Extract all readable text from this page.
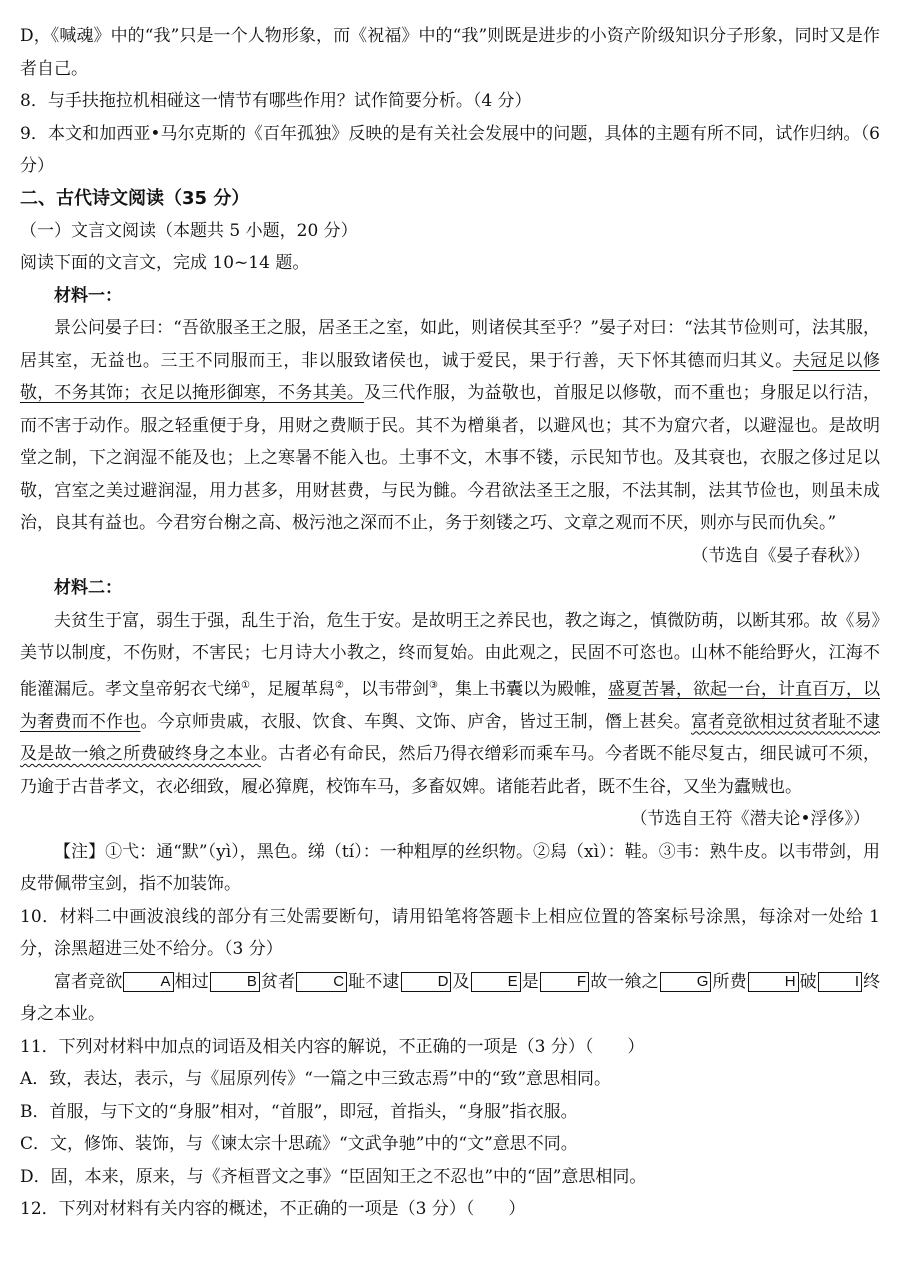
D，《喊魂》中的“我”只是一个人物形象，而《祝福》中的“我”则既是进步的小资产阶级知识分子形象，同时又是作者自己。

8．与手扶拖拉机相碰这一情节有哪些作用？试作简要分析。（4 分）

9．本文和加西亚•马尔克斯的《百年孤独》反映的是有关社会发展中的问题，具体的主题有所不同，试作归纳。（6 分）

二、古代诗文阅读（35 分）

（一）文言文阅读（本题共 5 小题，20 分）

阅读下面的文言文，完成 10~14 题。

材料一：

景公问晏子曰：“吾欲服圣王之服，居圣王之室，如此，则诸侯其至乎？”晏子对曰：“法其节俭则可，法其服，居其室，无益也。三王不同服而王，非以服致诸侯也，诚于爱民，果于行善，天下怀其德而归其义。夫冠足以修敬，不务其饰；衣足以掩形御寒，不务其美。及三代作服，为益敬也，首服足以修敬，而不重也；身服足以行洁，而不害于动作。服之轻重便于身，用财之费顺于民。其不为橧巢者，以避风也；其不为窟穴者，以避湿也。是故明堂之制，下之润湿不能及也；上之寒暑不能入也。土事不文，木事不镂，示民知节也。及其衰也，衣服之侈过足以敬，宫室之美过避润湿，用力甚多，用财甚费，与民为雠。今君欲法圣王之服，不法其制，法其节俭也，则虽未成治，良其有益也。今君穷台榭之高、极污池之深而不止，务于刻镂之巧、文章之观而不厌，则亦与民而仇矣。”

（节选自《晏子春秋》）

材料二：

夫贫生于富，弱生于强，乱生于治，危生于安。是故明王之养民也，教之诲之，慎微防萌，以断其邪。故《易》美节以制度，不伤财，不害民；七月诗大小教之，终而复始。由此观之，民固不可恣也。山林不能给野火，江海不能灌漏卮。孝文皇帝躬衣弋绨①，足履革舄②，以韦带剑③，集上书囊以为殿帷，盛夏苦暑，欲起一台，计直百万，以为奢费而不作也。今京师贵戚，衣服、饮食、车舆、文饰、庐舍，皆过王制，僭上甚矣。富者竞欲相过贫者耻不逮及是故一飨之所费破终身之本业。古者必有命民，然后乃得衣缯彩而乘车马。今者既不能尽复古，细民诚可不须，乃逾于古昔孝文，衣必细致，履必獐麂，校饰车马，多畜奴婢。诸能若此者，既不生谷，又坐为蠹贼也。

（节选自王符《潜夫论•浮侈》）

【注】①弋：通“默”（yì），黑色。绨（tí）：一种粗厚的丝织物。②舄（xì）：鞋。③韦：熟牛皮。以韦带剑，用皮带佩带宝剑，指不加装饰。

10．材料二中画波浪线的部分有三处需要断句，请用铅笔将答题卡上相应位置的答案标号涂黑，每涂对一处给 1 分，涂黑超进三处不给分。（3 分）

富者竞欲	A 相过	B 贫者	C 耻不逮	D 及	E 是	F 故一飨之	G 所费	H 破	I 终身之本业。

11．下列对材料中加点的词语及相关内容的解说，不正确的一项是（3 分）（　　）

A．致，表达，表示，与《屈原列传》“一篇之中三致志焉”中的“致”意思相同。

B．首服，与下文的“身服”相对，“首服”，即冠，首指头，“身服”指衣服。

C．文，修饰、装饰，与《谏太宗十思疏》“文武争驰”中的“文”意思不同。

D．固，本来，原来，与《齐桓晋文之事》“臣固知王之不忍也”中的“固”意思相同。

12．下列对材料有关内容的概述，不正确的一项是（3 分）（　　）
